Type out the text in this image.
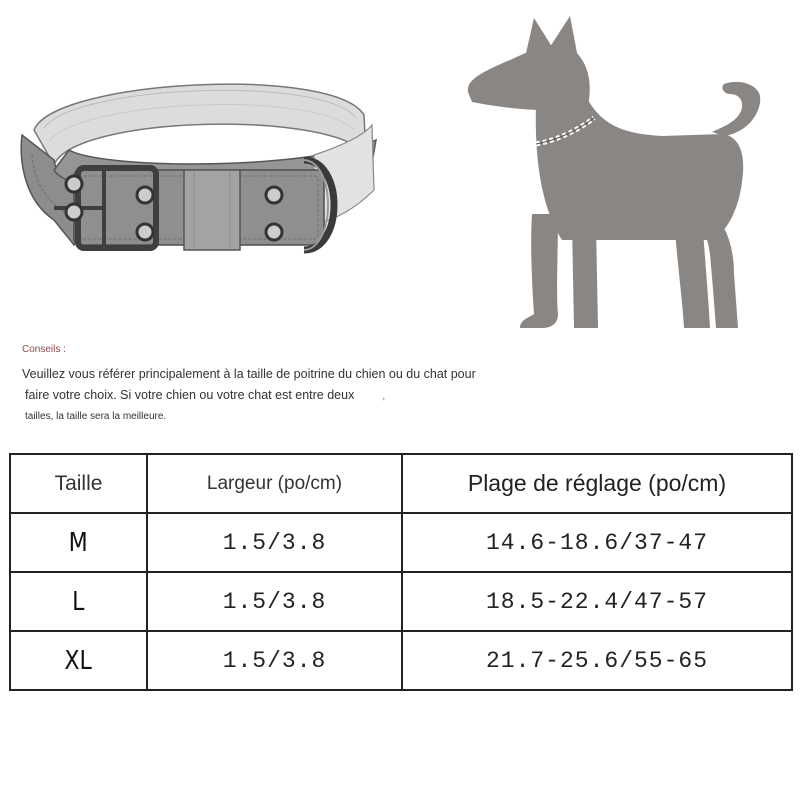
Conseils :
Veuillez vous référer principalement à la taille de poitrine du chien ou du chat pour
faire votre choix. Si votre chien ou votre chat est entre deux	,
tailles, la taille sera la meilleure.
Taille	Largeur (po/cm)	Plage de réglage (po/cm)
M	1.5/3.8	14.6-18.6/37-47
L	1.5/3.8	18.5-22.4/47-57
XL	1.5/3.8	21.7-25.6/55-65
